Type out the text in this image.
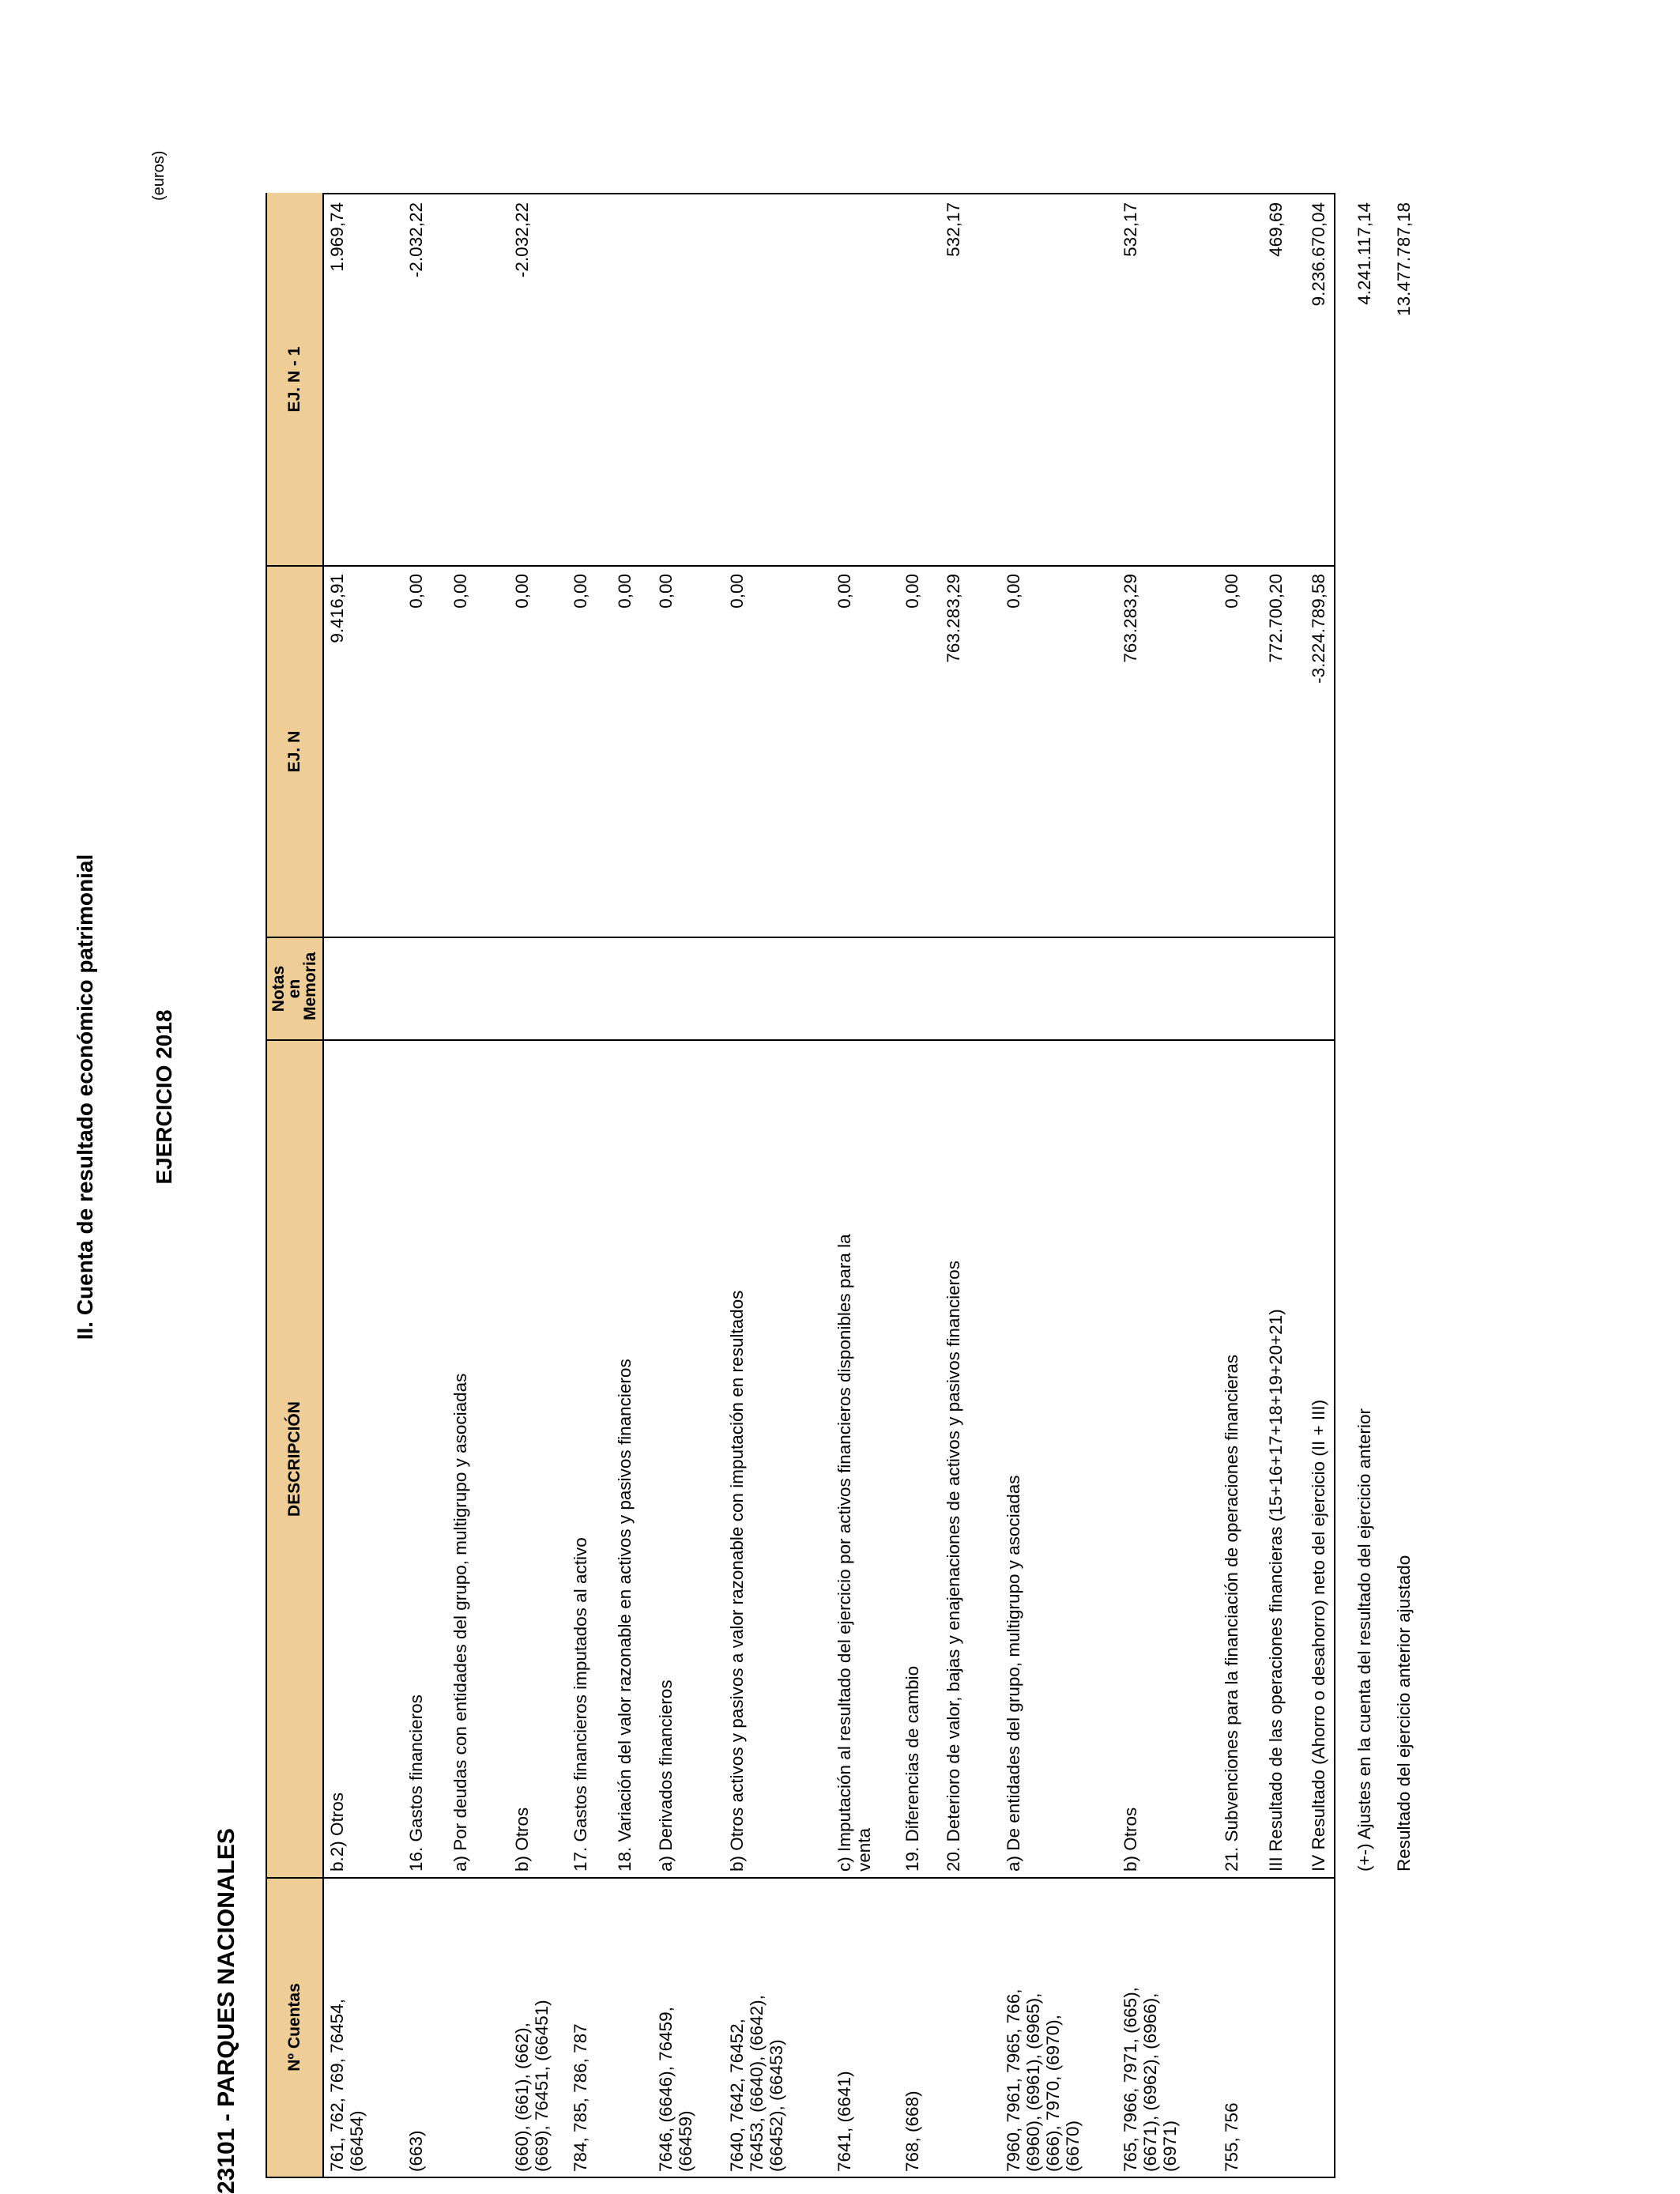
II. Cuenta de resultado económico patrimonial EJERCICIO 2018
23101 - PARQUES NACIONALES
(euros)
Nº Cuentas
DESCRIPCIÓN
Notas en Memoria
EJ. N
EJ. N - 1
761, 762, 769, 76454, (66454)
b.2) Otros
9.416,91
1.969,74
(663)
16. Gastos financieros
0,00
-2.032,22
a) Por deudas con entidades del grupo, multigrupo y asociadas
0,00
(660), (661), (662), (669), 76451, (66451)
b) Otros
0,00
-2.032,22
784, 785, 786, 787
17. Gastos financieros imputados al activo
0,00
18. Variación del valor razonable en activos y pasivos financieros
0,00
7646, (6646), 76459, (66459)
a) Derivados financieros
0,00
7640, 7642, 76452, 76453, (6640), (6642), (66452), (66453)
b) Otros activos y pasivos a valor razonable con imputación en resultados
0,00
7641, (6641)
c) Imputación al resultado del ejercicio por activos financieros disponibles para la venta
0,00
768, (668)
19. Diferencias de cambio
0,00
20. Deterioro de valor, bajas y enajenaciones de activos y pasivos financieros
763.283,29
532,17
7960, 7961, 7965, 766, (6960), (6961), (6965), (666), 7970, (6970), (6670)
a) De entidades del grupo, multigrupo y asociadas
0,00
765, 7966, 7971, (665), (6671), (6962), (6966), (6971)
b) Otros
763.283,29
532,17
755, 756
21. Subvenciones para la financiación de operaciones financieras
0,00
III Resultado de las operaciones financieras (15+16+17+18+19+20+21)
772.700,20
469,69
IV Resultado (Ahorro o desahorro) neto del ejercicio (II + III)
-3.224.789,58
9.236.670,04
(+-) Ajustes en la cuenta del resultado del ejercicio anterior
4.241.117,14
Resultado del ejercicio anterior ajustado
13.477.787,18
